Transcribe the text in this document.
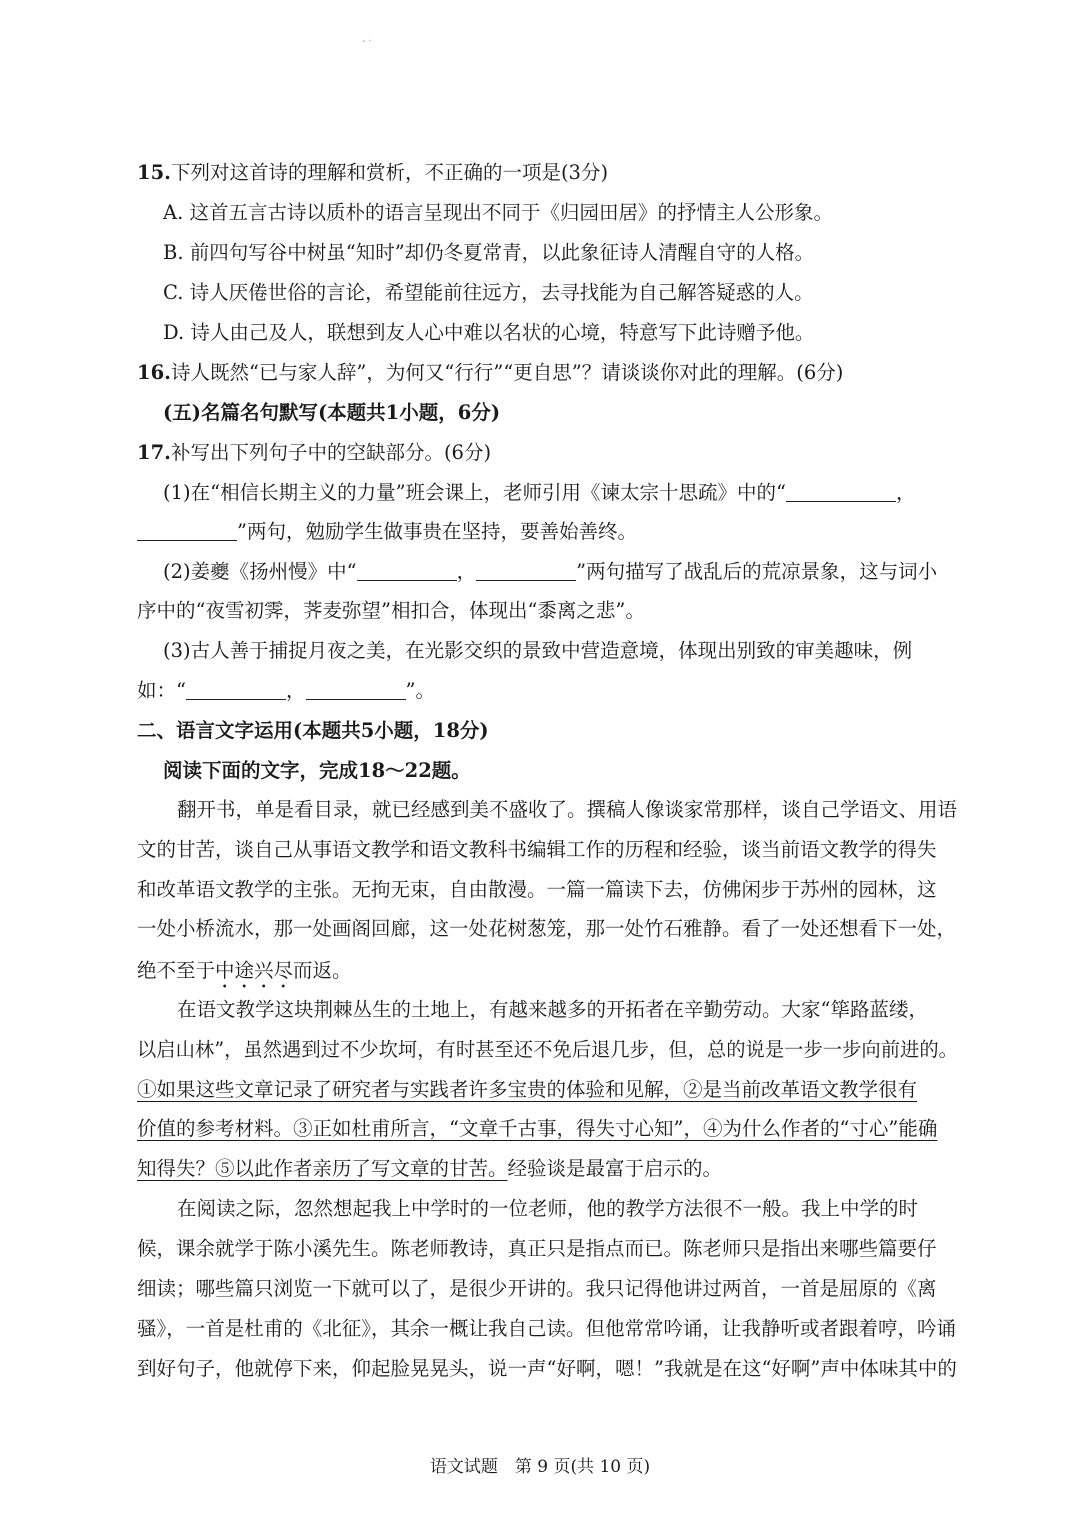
- ·
15.下列对这首诗的理解和赏析，不正确的一项是(3分)
A. 这首五言古诗以质朴的语言呈现出不同于《归园田居》的抒情主人公形象。
B. 前四句写谷中树虽“知时”却仍冬夏常青，以此象征诗人清醒自守的人格。
C. 诗人厌倦世俗的言论，希望能前往远方，去寻找能为自己解答疑惑的人。
D. 诗人由己及人，联想到友人心中难以名状的心境，特意写下此诗赠予他。
16.诗人既然“已与家人辞”，为何又“行行”“更自思”？请谈谈你对此的理解。(6分)
(五)名篇名句默写(本题共1小题，6分)
17.补写出下列句子中的空缺部分。(6分)
(1)在“相信长期主义的力量”班会课上，老师引用《谏太宗十思疏》中的“	，
”两句，勉励学生做事贵在坚持，要善始善终。
(2)姜夔《扬州慢》中“	，	”两句描写了战乱后的荒凉景象，这与词小
序中的“夜雪初霁，荠麦弥望”相扣合，体现出“黍离之悲”。
(3)古人善于捕捉月夜之美，在光影交织的景致中营造意境，体现出别致的审美趣味，例
如：“	，	”。
二、语言文字运用(本题共5小题，18分)
阅读下面的文字，完成18～22题。
翻开书，单是看目录，就已经感到美不盛收了。撰稿人像谈家常那样，谈自己学语文、用语
文的甘苦，谈自己从事语文教学和语文教科书编辑工作的历程和经验，谈当前语文教学的得失
和改革语文教学的主张。无拘无束，自由散漫。一篇一篇读下去，仿佛闲步于苏州的园林，这
一处小桥流水，那一处画阁回廊，这一处花树葱笼，那一处竹石雅静。看了一处还想看下一处，
绝不至于中途兴尽而返。
在语文教学这块荆棘丛生的土地上，有越来越多的开拓者在辛勤劳动。大家“筚路蓝缕，
以启山林”，虽然遇到过不少坎坷，有时甚至还不免后退几步，但，总的说是一步一步向前进的。
①如果这些文章记录了研究者与实践者许多宝贵的体验和见解，②是当前改革语文教学很有
价值的参考材料。③正如杜甫所言，“文章千古事，得失寸心知”，④为什么作者的“寸心”能确
知得失？⑤以此作者亲历了写文章的甘苦。经验谈是最富于启示的。
在阅读之际，忽然想起我上中学时的一位老师，他的教学方法很不一般。我上中学的时
候，课余就学于陈小溪先生。陈老师教诗，真正只是指点而已。陈老师只是指出来哪些篇要仔
细读；哪些篇只浏览一下就可以了，是很少开讲的。我只记得他讲过两首，一首是屈原的《离
骚》，一首是杜甫的《北征》，其余一概让我自己读。但他常常吟诵，让我静听或者跟着哼，吟诵
到好句子，他就停下来，仰起脸晃晃头，说一声“好啊，嗯！”我就是在这“好啊”声中体味其中的
语文试题　第 9 页(共 10 页)
